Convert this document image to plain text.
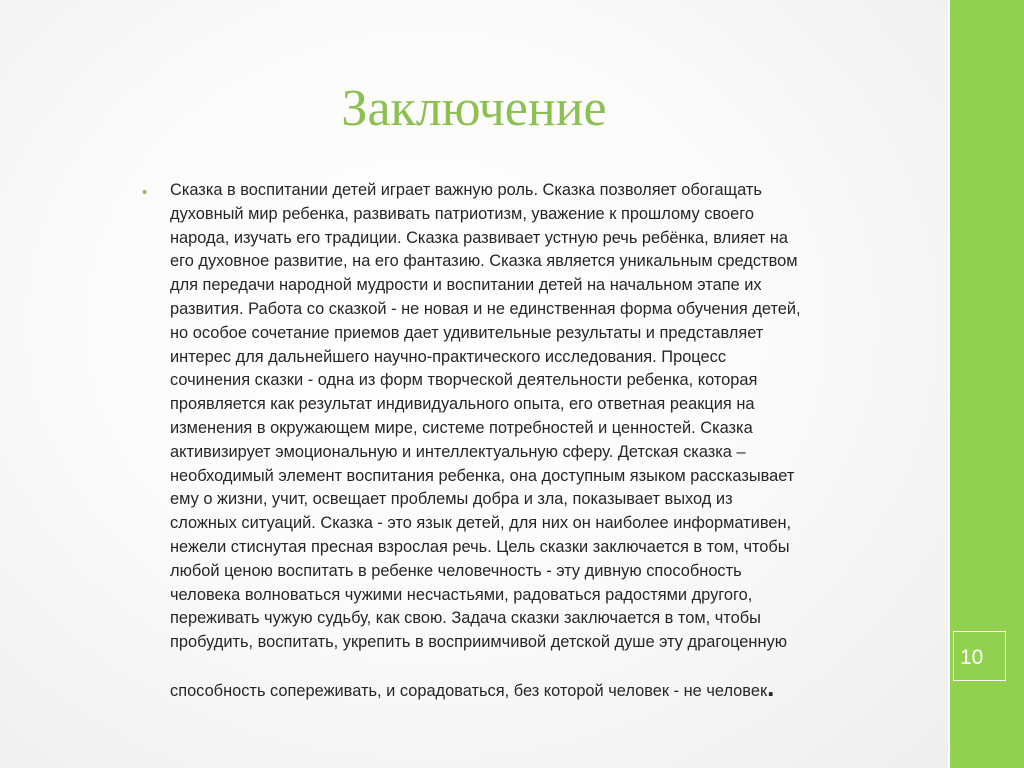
10
Заключение
• Сказка в воспитании детей играет важную роль. Сказка позволяет обогащать
духовный мир ребенка, развивать патриотизм, уважение к прошлому своего
народа, изучать его традиции. Сказка развивает устную речь ребёнка, влияет на
его духовное развитие, на его фантазию. Сказка является уникальным средством
для передачи народной мудрости и воспитании детей на начальном этапе их
развития. Работа со сказкой - не новая и не единственная форма обучения детей,
но особое сочетание приемов дает удивительные результаты и представляет
интерес для дальнейшего научно-практического исследования. Процесс
сочинения сказки - одна из форм творческой деятельности ребенка, которая
проявляется как результат индивидуального опыта, его ответная реакция на
изменения в окружающем мире, системе потребностей и ценностей. Сказка
активизирует эмоциональную и интеллектуальную сферу. Детская сказка –
необходимый элемент воспитания ребенка, она доступным языком рассказывает
ему о жизни, учит, освещает проблемы добра и зла, показывает выход из
сложных ситуаций. Сказка - это язык детей, для них он наиболее информативен,
нежели стиснутая пресная взрослая речь. Цель сказки заключается в том, чтобы
любой ценою воспитать в ребенке человечность - эту дивную способность
человека волноваться чужими несчастьями, радоваться радостями другого,
переживать чужую судьбу, как свою. Задача сказки заключается в том, чтобы
пробудить, воспитать, укрепить в восприимчивой детской душе эту драгоценную
способность сопереживать, и сорадоваться, без которой человек - не человек.
